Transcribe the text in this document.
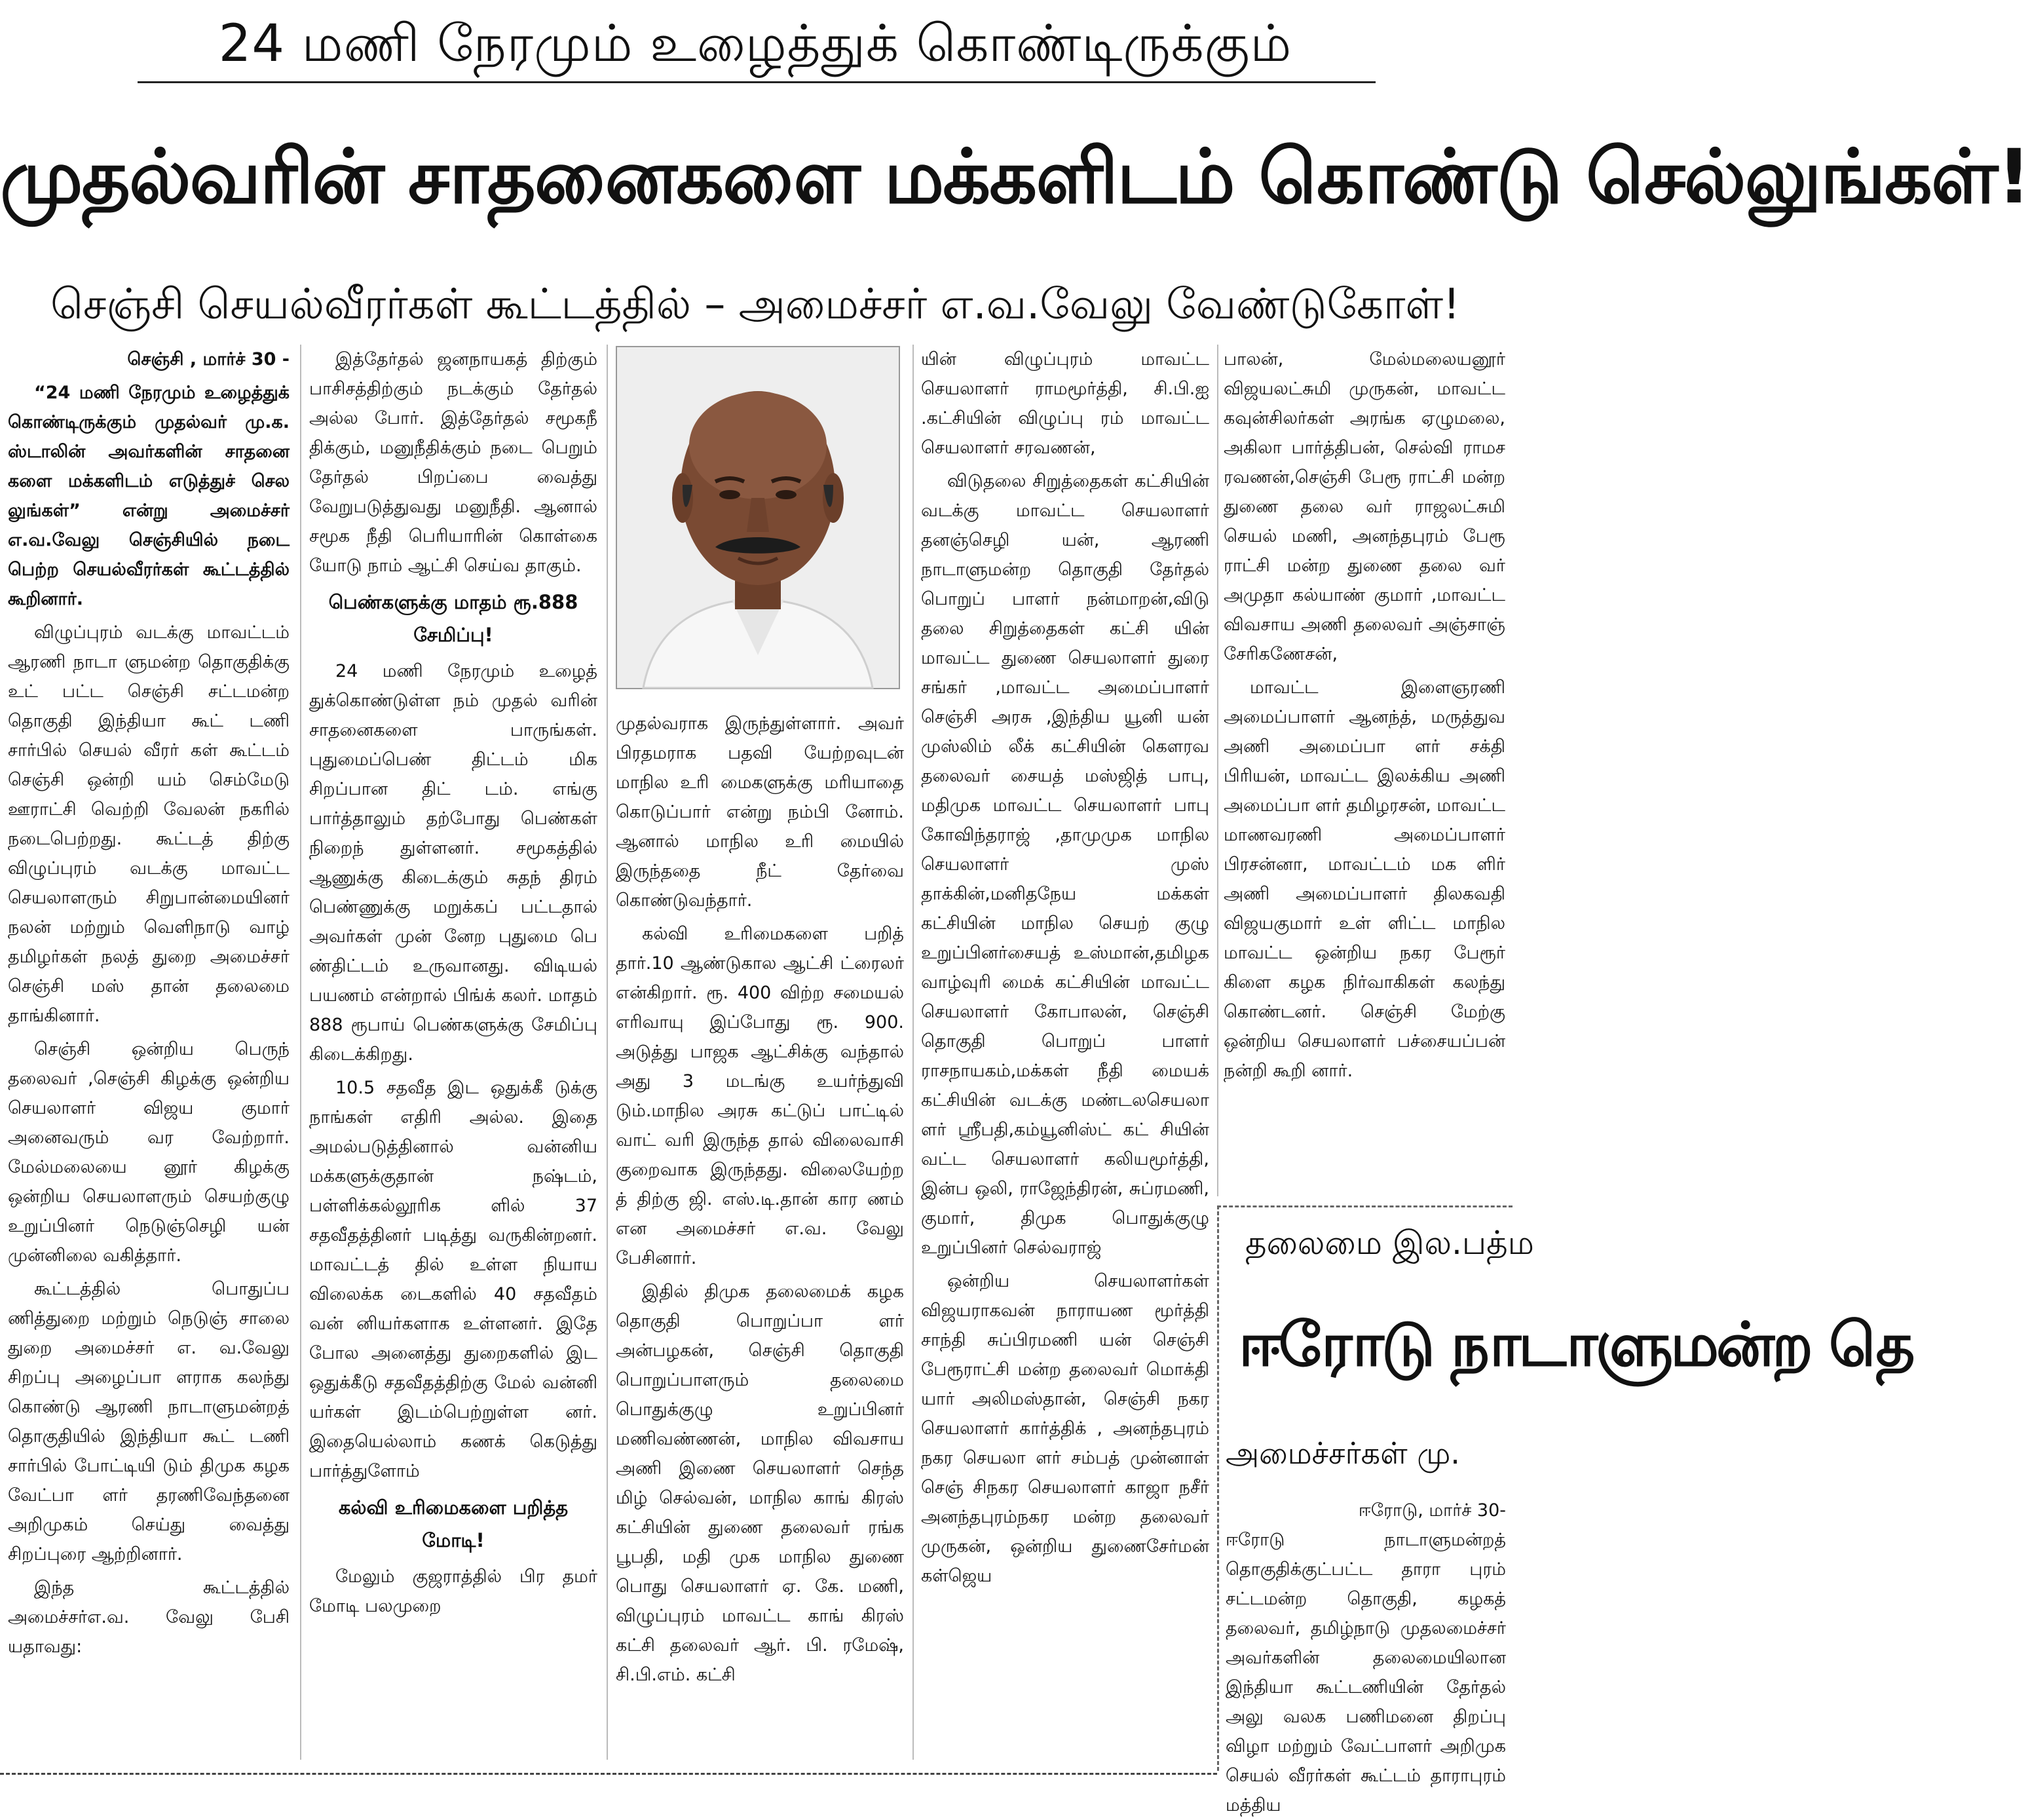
24 மணி நேரமும் உழைத்துக் கொண்டிருக்கும்
முதல்வரின் சாதனைகளை மக்களிடம் கொண்டு செல்லுங்கள்!
செஞ்சி செயல்வீரர்கள் கூட்டத்தில் – அமைச்சர் எ.வ.வேலு வேண்டுகோள்!

செஞ்சி , மார்ச் 30 -

“24 மணி நேரமும் உழைத்துக் கொண்டிருக்கும் முதல்வர் மு.க. ஸ்டாலின் அவர்களின் சாதனை களை மக்களிடம் எடுத்துச் செல லுங்கள்” என்று அமைச்சர் எ.வ.வேலு செஞ்சியில் நடை பெற்ற செயல்வீரர்கள் கூட்டத்தில் கூறினார்.

விழுப்புரம் வடக்கு மாவட்டம் ஆரணி நாடா ளுமன்ற தொகுதிக்கு உட் பட்ட செஞ்சி சட்டமன்ற தொகுதி இந்தியா கூட் டணி சார்பில் செயல் வீரர் கள் கூட்டம் செஞ்சி ஒன்றி யம் செம்மேடு ஊராட்சி வெற்றி வேலன் நகரில் நடைபெற்றது. கூட்டத் திற்கு விழுப்புரம் வடக்கு மாவட்ட செயலாளரும் சிறுபான்மையினர் நலன் மற்றும் வெளிநாடு வாழ் தமிழர்கள் நலத் துறை அமைச்சர் செஞ்சி மஸ் தான் தலைமை தாங்கினார்.

செஞ்சி ஒன்றிய பெருந் தலைவர் ,செஞ்சி கிழக்கு ஒன்றிய செயலாளர் விஜய குமார் அனைவரும் வர வேற்றார். மேல்மலையை னூர் கிழக்கு ஒன்றிய செயலாளரும் செயற்குழு உறுப்பினர் நெடுஞ்செழி யன் முன்னிலை வகித்தார்.

கூட்டத்தில் பொதுப்ப ணித்துறை மற்றும் நெடுஞ் சாலை துறை அமைச்சர் எ. வ.வேலு சிறப்பு அழைப்பா ளராக கலந்து கொண்டு ஆரணி நாடாளுமன்றத் தொகுதியில் இந்தியா கூட் டணி சார்பில் போட்டியி டும் திமுக கழக வேட்பா ளர் தரணிவேந்தனை அறிமுகம் செய்து வைத்து சிறப்புரை ஆற்றினார்.

இந்த கூட்டத்தில் அமைச்சர்எ.வ. வேலு பேசி யதாவது:

இத்தேர்தல் ஜனநாயகத் திற்கும் பாசிசத்திற்கும் நடக்கும் தேர்தல் அல்ல போர். இத்தேர்தல் சமூகநீ திக்கும், மனுநீதிக்கும் நடை பெறும் தேர்தல் பிறப்பை வைத்து வேறுபடுத்துவது மனுநீதி. ஆனால் சமூக நீதி பெரியாரின் கொள்கை யோடு நாம் ஆட்சி செய்வ தாகும்.

பெண்களுக்கு மாதம் ரூ.888 சேமிப்பு!

24 மணி நேரமும் உழைத் துக்கொண்டுள்ள நம் முதல் வரின் சாதனைகளை பாருங்கள். புதுமைப்பெண் திட்டம் மிக சிறப்பான திட் டம். எங்கு பார்த்தாலும் தற்போது பெண்கள் நிறைந் துள்ளனர். சமூகத்தில் ஆணுக்கு கிடைக்கும் சுதந் திரம் பெண்ணுக்கு மறுக்கப் பட்டதால் அவர்கள் முன் னேற புதுமை பெ ண்திட்டம் உருவானது. விடியல் பயணம் என்றால் பிங்க் கலர். மாதம் 888 ரூபாய் பெண்களுக்கு சேமிப்பு கிடைக்கிறது.

10.5 சதவீத இட ஒதுக்கீ டுக்கு நாங்கள் எதிரி அல்ல. இதை அமல்படுத்தினால் வன்னிய மக்களுக்குதான் நஷ்டம், பள்ளிக்கல்லூரிக ளில் 37 சதவீதத்தினர் படித்து வருகின்றனர். மாவட்டத் தில் உள்ள நியாய விலைக்க டைகளில் 40 சதவீதம் வன் னியர்களாக உள்ளனர். இதே போல அனைத்து துறைகளில் இட ஒதுக்கீடு சதவீதத்திற்கு மேல் வன்னி யர்கள் இடம்பெற்றுள்ள னர். இதையெல்லாம் கணக் கெடுத்து பார்த்துளோம்

கல்வி உரிமைகளை பறித்த மோடி!

மேலும் குஜராத்தில் பிர தமர் மோடி பலமுறை

முதல்வராக இருந்துள்ளார். அவர் பிரதமராக பதவி யேற்றவுடன் மாநில உரி மைகளுக்கு மரியாதை கொடுப்பார் என்று நம்பி னோம். ஆனால் மாநில உரி மையில் இருந்ததை நீட் தேர்வை கொண்டுவந்தார்.

கல்வி உரிமைகளை பறித் தார்.10 ஆண்டுகால ஆட்சி ட்ரைலர் என்கிறார். ரூ. 400 விற்ற சமையல் எரிவாயு இப்போது ரூ. 900. அடுத்து பாஜக ஆட்சிக்கு வந்தால் அது 3 மடங்கு உயர்ந்துவி டும்.மாநில அரசு கட்டுப் பாட்டில் வாட் வரி இருந்த தால் விலைவாசி குறைவாக இருந்தது. விலையேற்ற த் திற்கு ஜி. எஸ்.டி.தான் கார ணம் என அமைச்சர் எ.வ. வேலு பேசினார்.

இதில் திமுக தலைமைக் கழக தொகுதி பொறுப்பா ளர் அன்பழகன், செஞ்சி தொகுதி பொறுப்பாளரும் தலைமை பொதுக்குழு உறுப்பினர் மணிவண்ணன், மாநில விவசாய அணி இணை செயலாளர் செந்த மிழ் செல்வன், மாநில காங் கிரஸ் கட்சியின் துணை தலைவர் ரங்க பூபதி, மதி முக மாநில துணை பொது செயலாளர் ஏ. கே. மணி, விழுப்புரம் மாவட்ட காங் கிரஸ் கட்சி தலைவர் ஆர். பி. ரமேஷ், சி.பி.எம். கட்சி

யின் விழுப்புரம் மாவட்ட செயலாளர் ராமமூர்த்தி, சி.பி.ஐ .கட்சியின் விழுப்பு ரம் மாவட்ட செயலாளர் சரவணன்,

விடுதலை சிறுத்தைகள் கட்சியின் வடக்கு மாவட்ட செயலாளர் தனஞ்செழி யன், ஆரணி நாடாளுமன்ற தொகுதி தேர்தல் பொறுப் பாளர் நன்மாறன்,விடு தலை சிறுத்தைகள் கட்சி யின் மாவட்ட துணை செயலாளர் துரை சங்கர் ,மாவட்ட அமைப்பாளர் செஞ்சி அரசு ,இந்திய யூனி யன் முஸ்லிம் லீக் கட்சியின் கௌரவ தலைவர் சையத் மஸ்ஜித் பாபு, மதிமுக மாவட்ட செயலாளர் பாபு கோவிந்தராஜ் ,தாமுமுக மாநில செயலாளர் முஸ் தாக்கின்,மனிதநேய மக்கள் கட்சியின் மாநில செயற் குழு உறுப்பினர்சையத் உஸ்மான்,தமிழக வாழ்வுரி மைக் கட்சியின் மாவட்ட செயலாளர் கோபாலன், செஞ்சி தொகுதி பொறுப் பாளர் ராசநாயகம்,மக்கள் நீதி மையக் கட்சியின் வடக்கு மண்டலசெயலா ளர் ஸ்ரீபதி,கம்யூனிஸ்ட் கட் சியின் வட்ட செயலாளர் கலியமூர்த்தி, இன்ப ஒலி, ராஜேந்திரன், சுப்ரமணி, குமார், திமுக பொதுக்குழு உறுப்பினர் செல்வராஜ்

ஒன்றிய செயலாளர்கள் விஜயராகவன் நாராயண மூர்த்தி சாந்தி சுப்பிரமணி யன் செஞ்சி பேரூராட்சி மன்ற தலைவர் மொக்தி யார் அலிமஸ்தான், செஞ்சி நகர செயலாளர் கார்த்திக் , அனந்தபுரம் நகர செயலா ளர் சம்பத் முன்னாள் செஞ் சிநகர செயலாளர் காஜா நசீர் அனந்தபுரம்நகர மன்ற தலைவர் முருகன், ஒன்றிய துணைசேர்மன் கள்ஜெய

பாலன், மேல்மலையனூர் விஜயலட்சுமி முருகன், மாவட்ட கவுன்சிலர்கள் அரங்க ஏழுமலை, அகிலா பார்த்திபன், செல்வி ராமச ரவணன்,செஞ்சி பேரூ ராட்சி மன்ற துணை தலை வர் ராஜலட்சுமி செயல் மணி, அனந்தபுரம் பேரூ ராட்சி மன்ற துணை தலை வர் அமுதா கல்யாண் குமார் ,மாவட்ட விவசாய அணி தலைவர் அஞ்சாஞ் சேரிகணேசன்,

மாவட்ட இளைஞரணி அமைப்பாளர் ஆனந்த், மருத்துவ அணி அமைப்பா ளர் சக்தி பிரியன், மாவட்ட இலக்கிய அணி அமைப்பா ளர் தமிழரசன், மாவட்ட மாணவரணி அமைப்பாளர் பிரசன்னா, மாவட்டம் மக ளிர் அணி அமைப்பாளர் திலகவதி விஜயகுமார் உள் ளிட்ட மாநில மாவட்ட ஒன்றிய நகர பேரூர் கிளை கழக நிர்வாகிகள் கலந்து கொண்டனர். செஞ்சி மேற்கு ஒன்றிய செயலாளர் பச்சையப்பன் நன்றி கூறி னார்.

தலைமை இல.பத்ம
ஈரோடு நாடாளுமன்ற தெ
அமைச்சர்கள் மு.

ஈரோடு, மார்ச் 30-

ஈரோடு நாடாளுமன்றத் தொகுதிக்குட்பட்ட தாரா புரம் சட்டமன்ற தொகுதி, கழகத் தலைவர், தமிழ்நாடு முதலமைச்சர் அவர்களின் தலைமையிலான இந்தியா கூட்டணியின் தேர்தல் அலு வலக பணிமனை திறப்பு விழா மற்றும் வேட்பாளர் அறிமுக செயல் வீரர்கள் கூட்டம் தாராபுரம் மத்திய
